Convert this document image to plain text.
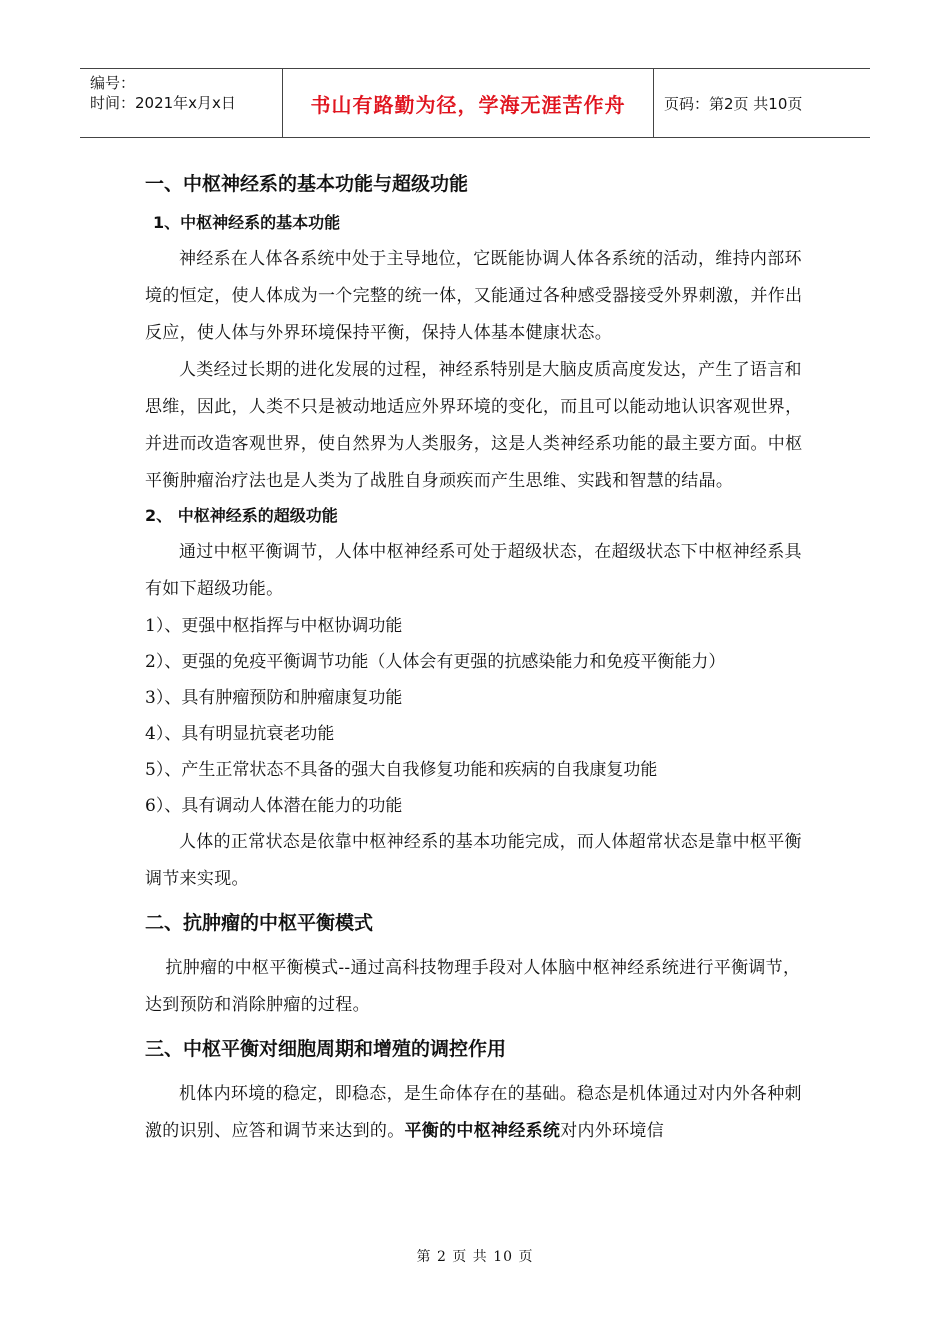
编号：
时间：2021年x月x日	书山有路勤为径，学海无涯苦作舟	页码：第2页 共10页
一、中枢神经系的基本功能与超级功能
1、中枢神经系的基本功能

神经系在人体各系统中处于主导地位，它既能协调人体各系统的活动，维持内部环境的恒定，使人体成为一个完整的统一体，又能通过各种感受器接受外界刺激，并作出反应，使人体与外界环境保持平衡，保持人体基本健康状态。

人类经过长期的进化发展的过程，神经系特别是大脑皮质高度发达，产生了语言和思维，因此，人类不只是被动地适应外界环境的变化，而且可以能动地认识客观世界，并进而改造客观世界，使自然界为人类服务，这是人类神经系功能的最主要方面。中枢平衡肿瘤治疗法也是人类为了战胜自身顽疾而产生思维、实践和智慧的结晶。

2、 中枢神经系的超级功能

通过中枢平衡调节，人体中枢神经系可处于超级状态，在超级状态下中枢神经系具有如下超级功能。

1）、更强中枢指挥与中枢协调功能

2）、更强的免疫平衡调节功能（人体会有更强的抗感染能力和免疫平衡能力）

3）、具有肿瘤预防和肿瘤康复功能

4）、具有明显抗衰老功能

5）、产生正常状态不具备的强大自我修复功能和疾病的自我康复功能

6）、具有调动人体潜在能力的功能

人体的正常状态是依靠中枢神经系的基本功能完成，而人体超常状态是靠中枢平衡调节来实现。

二、抗肿瘤的中枢平衡模式

抗肿瘤的中枢平衡模式--通过高科技物理手段对人体脑中枢神经系统进行平衡调节，达到预防和消除肿瘤的过程。

三、中枢平衡对细胞周期和增殖的调控作用

机体内环境的稳定，即稳态，是生命体存在的基础。稳态是机体通过对内外各种刺激的识别、应答和调节来达到的。平衡的中枢神经系统对内外环境信

第 2 页 共 10 页
